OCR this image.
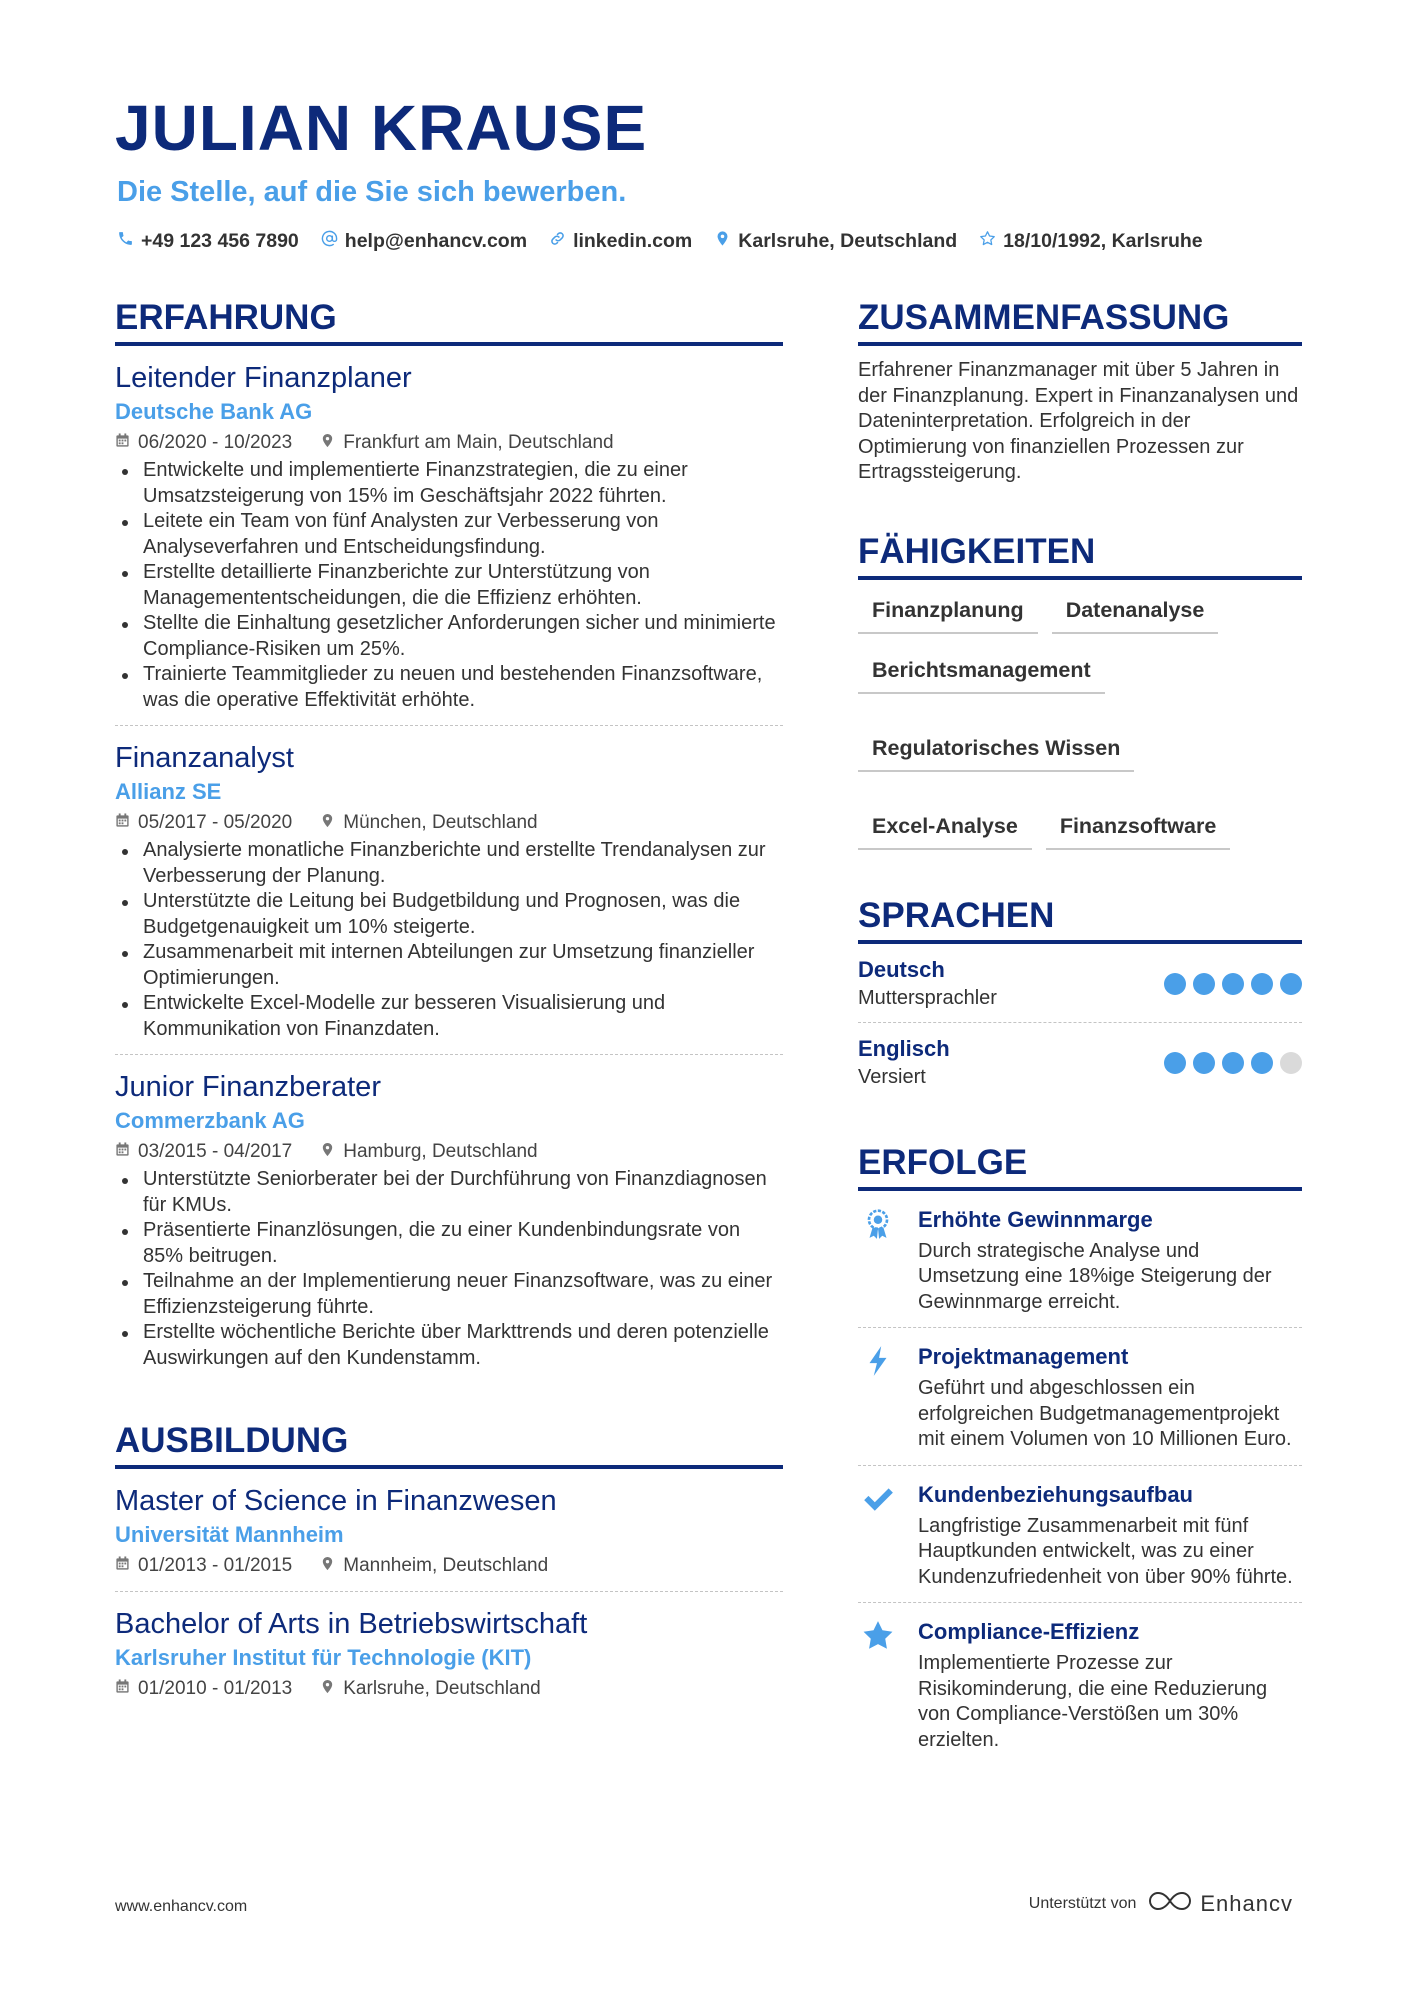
JULIAN KRAUSE
Die Stelle, auf die Sie sich bewerben.
+49 123 456 7890 help@enhancv.com linkedin.com Karlsruhe, Deutschland 18/10/1992, Karlsruhe
ERFAHRUNG
Leitender Finanzplaner
Deutsche Bank AG
06/2020 - 10/2023	Frankfurt am Main, Deutschland
Entwickelte und implementierte Finanzstrategien, die zu einer Umsatzsteigerung von 15% im Geschäftsjahr 2022 führten.
Leitete ein Team von fünf Analysten zur Verbesserung von Analyseverfahren und Entscheidungsfindung.
Erstellte detaillierte Finanzberichte zur Unterstützung von Managemententscheidungen, die die Effizienz erhöhten.
Stellte die Einhaltung gesetzlicher Anforderungen sicher und minimierte Compliance-Risiken um 25%.
Trainierte Teammitglieder zu neuen und bestehenden Finanzsoftware, was die operative Effektivität erhöhte.
Finanzanalyst
Allianz SE
05/2017 - 05/2020	München, Deutschland
Analysierte monatliche Finanzberichte und erstellte Trendanalysen zur Verbesserung der Planung.
Unterstützte die Leitung bei Budgetbildung und Prognosen, was die Budgetgenauigkeit um 10% steigerte.
Zusammenarbeit mit internen Abteilungen zur Umsetzung finanzieller Optimierungen.
Entwickelte Excel-Modelle zur besseren Visualisierung und Kommunikation von Finanzdaten.
Junior Finanzberater
Commerzbank AG
03/2015 - 04/2017	Hamburg, Deutschland
Unterstützte Seniorberater bei der Durchführung von Finanzdiagnosen für KMUs.
Präsentierte Finanzlösungen, die zu einer Kundenbindungsrate von 85% beitrugen.
Teilnahme an der Implementierung neuer Finanzsoftware, was zu einer Effizienzsteigerung führte.
Erstellte wöchentliche Berichte über Markttrends und deren potenzielle Auswirkungen auf den Kundenstamm.
AUSBILDUNG
Master of Science in Finanzwesen
Universität Mannheim
01/2013 - 01/2015	Mannheim, Deutschland
Bachelor of Arts in Betriebswirtschaft
Karlsruher Institut für Technologie (KIT)
01/2010 - 01/2013	Karlsruhe, Deutschland
ZUSAMMENFASSUNG
Erfahrener Finanzmanager mit über 5 Jahren in der Finanzplanung. Expert in Finanzanalysen und Dateninterpretation. Erfolgreich in der Optimierung von finanziellen Prozessen zur Ertragssteigerung.
FÄHIGKEITEN
Finanzplanung	Datenanalyse
Berichtsmanagement
Regulatorisches Wissen
Excel-Analyse	Finanzsoftware
SPRACHEN
Deutsch
Muttersprachler
Englisch
Versiert
ERFOLGE
Erhöhte Gewinnmarge
Durch strategische Analyse und Umsetzung eine 18%ige Steigerung der Gewinnmarge erreicht.
Projektmanagement
Geführt und abgeschlossen ein erfolgreichen Budgetmanagementprojekt mit einem Volumen von 10 Millionen Euro.
Kundenbeziehungsaufbau
Langfristige Zusammenarbeit mit fünf Hauptkunden entwickelt, was zu einer Kundenzufriedenheit von über 90% führte.
Compliance-Effizienz
Implementierte Prozesse zur Risikominderung, die eine Reduzierung von Compliance-Verstößen um 30% erzielten.
www.enhancv.com	Unterstützt von	Enhancv
